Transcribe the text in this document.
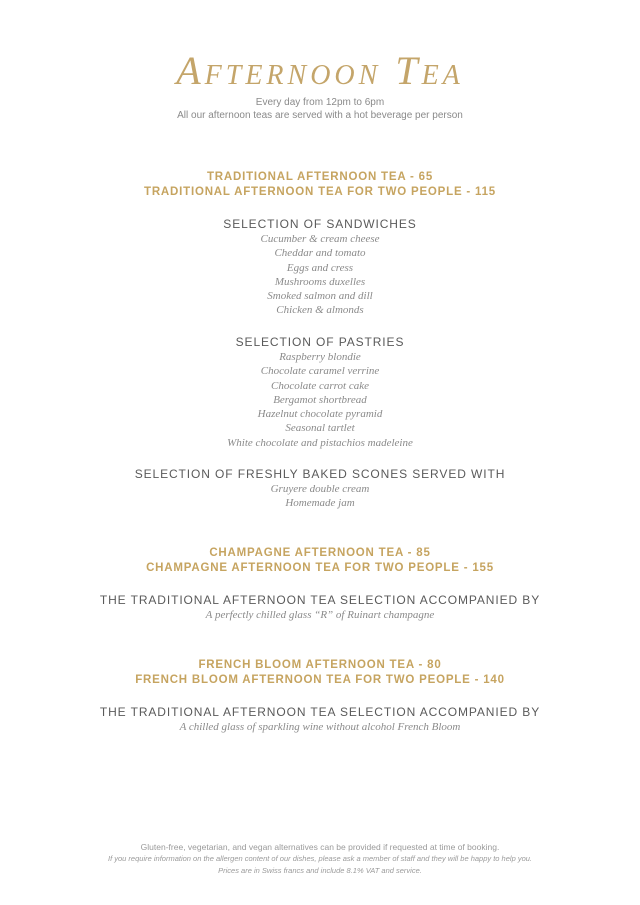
Afternoon Tea
Every day from 12pm to 6pm
All our afternoon teas are served with a hot beverage per person
TRADITIONAL AFTERNOON TEA - 65
TRADITIONAL AFTERNOON TEA FOR TWO PEOPLE - 115
SELECTION OF SANDWICHES
Cucumber & cream cheese
Cheddar and tomato
Eggs and cress
Mushrooms duxelles
Smoked salmon and dill
Chicken & almonds
SELECTION OF PASTRIES
Raspberry blondie
Chocolate caramel verrine
Chocolate carrot cake
Bergamot shortbread
Hazelnut chocolate pyramid
Seasonal tartlet
White chocolate and pistachios madeleine
SELECTION OF FRESHLY BAKED SCONES SERVED WITH
Gruyere double cream
Homemade jam
CHAMPAGNE AFTERNOON TEA - 85
CHAMPAGNE AFTERNOON TEA FOR TWO PEOPLE - 155
THE TRADITIONAL AFTERNOON TEA SELECTION ACCOMPANIED BY
A perfectly chilled glass “R” of Ruinart champagne
FRENCH BLOOM AFTERNOON TEA - 80
FRENCH BLOOM AFTERNOON TEA FOR TWO PEOPLE - 140
THE TRADITIONAL AFTERNOON TEA SELECTION ACCOMPANIED BY
A chilled glass of sparkling wine without alcohol French Bloom
Gluten-free, vegetarian, and vegan alternatives can be provided if requested at time of booking.
If you require information on the allergen content of our dishes, please ask a member of staff and they will be happy to help you.
Prices are in Swiss francs and include 8.1% VAT and service.
